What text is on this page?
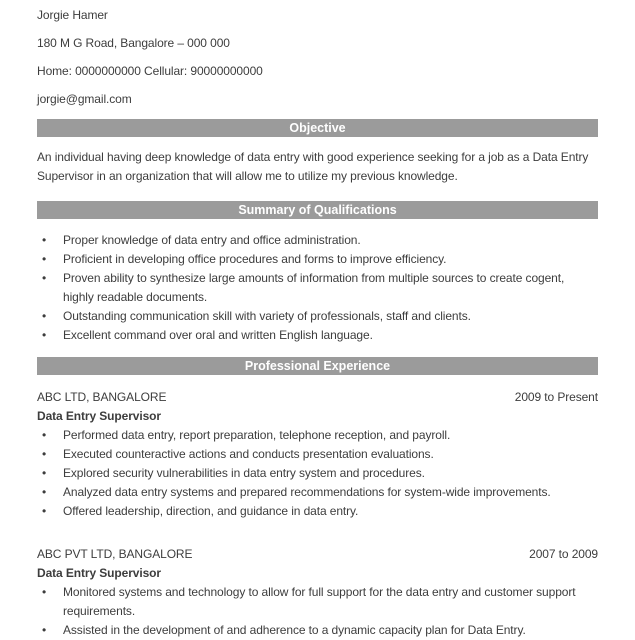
Jorgie Hamer

180 M G Road, Bangalore – 000 000

Home: 0000000000 Cellular: 90000000000

jorgie@gmail.com

Objective

An individual having deep knowledge of data entry with good experience seeking for a job as a Data Entry Supervisor in an organization that will allow me to utilize my previous knowledge.

Summary of Qualifications
• Proper knowledge of data entry and office administration.
• Proficient in developing office procedures and forms to improve efficiency.
• Proven ability to synthesize large amounts of information from multiple sources to create cogent, highly readable documents.
• Outstanding communication skill with variety of professionals, staff and clients.
• Excellent command over oral and written English language.
Professional Experience
ABC LTD, BANGALORE	2009 to Present
Data Entry Supervisor
• Performed data entry, report preparation, telephone reception, and payroll.
• Executed counteractive actions and conducts presentation evaluations.
• Explored security vulnerabilities in data entry system and procedures.
• Analyzed data entry systems and prepared recommendations for system-wide improvements.
• Offered leadership, direction, and guidance in data entry.
ABC PVT LTD, BANGALORE	2007 to 2009
Data Entry Supervisor
• Monitored systems and technology to allow for full support for the data entry and customer support requirements.
• Assisted in the development of and adherence to a dynamic capacity plan for Data Entry.
